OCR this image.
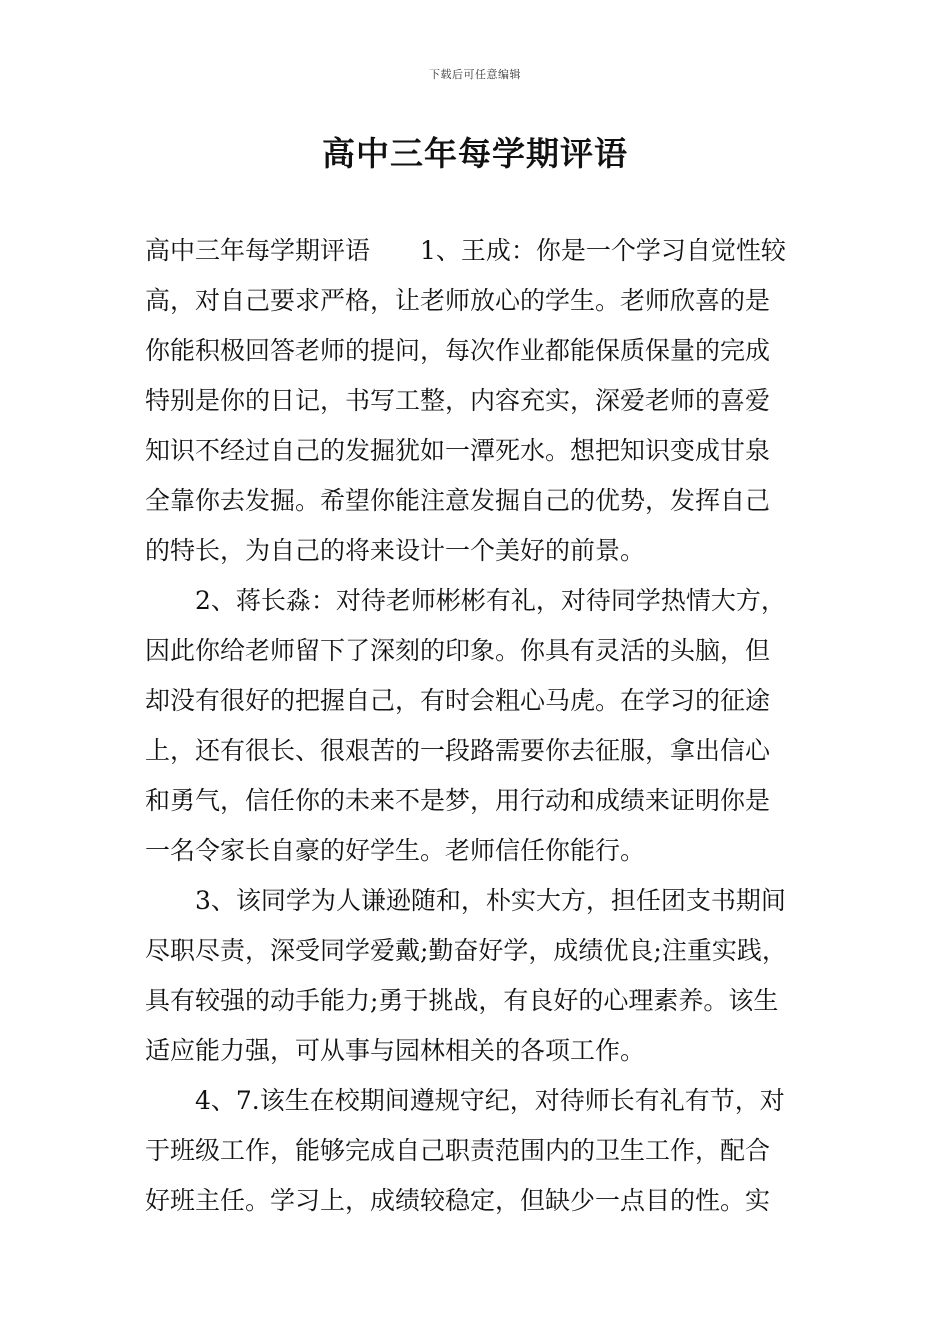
下载后可任意编辑
高中三年每学期评语
高中三年每学期评语　　1、王成：你是一个学习自觉性较
高，对自己要求严格，让老师放心的学生。老师欣喜的是
你能积极回答老师的提问，每次作业都能保质保量的完成
特别是你的日记，书写工整，内容充实，深爱老师的喜爱
知识不经过自己的发掘犹如一潭死水。想把知识变成甘泉
全靠你去发掘。希望你能注意发掘自己的优势，发挥自己
的特长，为自己的将来设计一个美好的前景。
　　2、蒋长淼：对待老师彬彬有礼，对待同学热情大方，
因此你给老师留下了深刻的印象。你具有灵活的头脑，但
却没有很好的把握自己，有时会粗心马虎。在学习的征途
上，还有很长、很艰苦的一段路需要你去征服，拿出信心
和勇气，信任你的未来不是梦，用行动和成绩来证明你是
一名令家长自豪的好学生。老师信任你能行。
　　3、该同学为人谦逊随和，朴实大方，担任团支书期间
尽职尽责，深受同学爱戴;勤奋好学，成绩优良;注重实践，
具有较强的动手能力;勇于挑战，有良好的心理素养。该生
适应能力强，可从事与园林相关的各项工作。
　　4、7.该生在校期间遵规守纪，对待师长有礼有节，对
于班级工作，能够完成自己职责范围内的卫生工作，配合
好班主任。学习上，成绩较稳定，但缺少一点目的性。实
